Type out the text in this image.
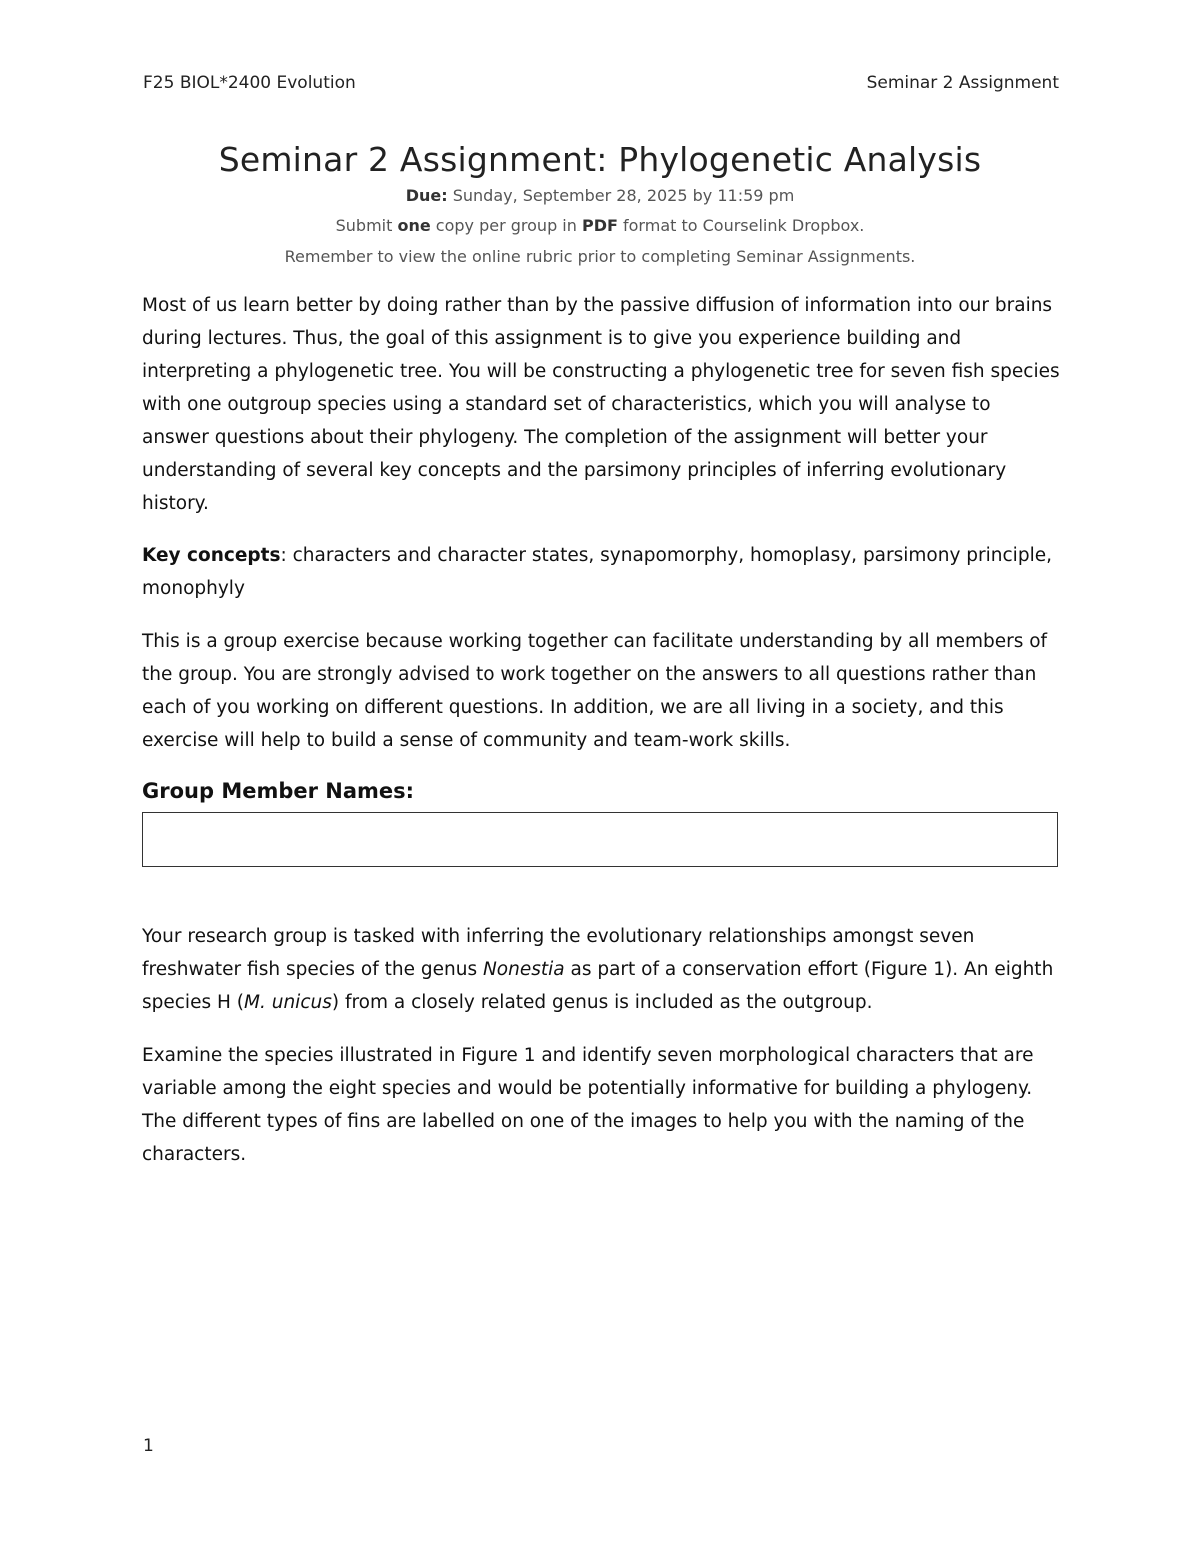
F25 BIOL*2400 Evolution	Seminar 2 Assignment
Seminar 2 Assignment: Phylogenetic Analysis
Due: Sunday, September 28, 2025 by 11:59 pm
Submit one copy per group in PDF format to Courselink Dropbox.
Remember to view the online rubric prior to completing Seminar Assignments.
Most of us learn better by doing rather than by the passive diffusion of information into our brains during lectures. Thus, the goal of this assignment is to give you experience building and interpreting a phylogenetic tree. You will be constructing a phylogenetic tree for seven fish species with one outgroup species using a standard set of characteristics, which you will analyse to answer questions about their phylogeny. The completion of the assignment will better your understanding of several key concepts and the parsimony principles of inferring evolutionary history.
Key concepts: characters and character states, synapomorphy, homoplasy, parsimony principle, monophyly
This is a group exercise because working together can facilitate understanding by all members of the group. You are strongly advised to work together on the answers to all questions rather than each of you working on different questions. In addition, we are all living in a society, and this exercise will help to build a sense of community and team-work skills.
Group Member Names:
Your research group is tasked with inferring the evolutionary relationships amongst seven freshwater fish species of the genus Nonestia as part of a conservation effort (Figure 1). An eighth species H (M. unicus) from a closely related genus is included as the outgroup.
Examine the species illustrated in Figure 1 and identify seven morphological characters that are variable among the eight species and would be potentially informative for building a phylogeny. The different types of fins are labelled on one of the images to help you with the naming of the characters.
1
